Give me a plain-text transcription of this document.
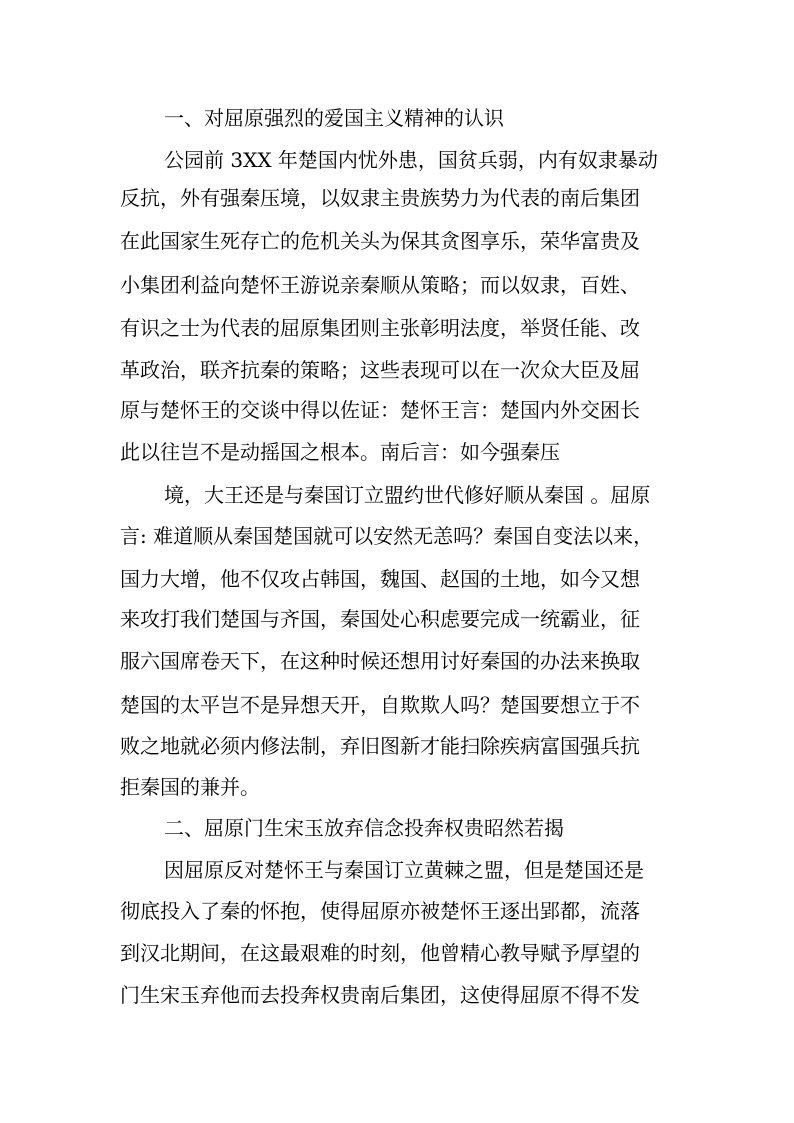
一、对屈原强烈的爱国主义精神的认识

公园前 3XX 年楚国内忧外患，国贫兵弱，内有奴隶暴动

反抗，外有强秦压境，以奴隶主贵族势力为代表的南后集团

在此国家生死存亡的危机关头为保其贪图享乐，荣华富贵及

小集团利益向楚怀王游说亲秦顺从策略；而以奴隶，百姓、

有识之士为代表的屈原集团则主张彰明法度，举贤任能、改

革政治，联齐抗秦的策略；这些表现可以在一次众大臣及屈

原与楚怀王的交谈中得以佐证：楚怀王言：楚国内外交困长

此以往岂不是动摇国之根本。南后言：如今强秦压

境，大王还是与秦国订立盟约世代修好顺从秦国 。屈原

言: 难道顺从秦国楚国就可以安然无恙吗？秦国自变法以来，

国力大增，他不仅攻占韩国，魏国、赵国的土地，如今又想

来攻打我们楚国与齐国，秦国处心积虑要完成一统霸业，征

服六国席卷天下，在这种时候还想用讨好秦国的办法来换取

楚国的太平岂不是异想天开，自欺欺人吗？楚国要想立于不

败之地就必须内修法制，弃旧图新才能扫除疾病富国强兵抗

拒秦国的兼并。

二、屈原门生宋玉放弃信念投奔权贵昭然若揭

因屈原反对楚怀王与秦国订立黄棘之盟，但是楚国还是

彻底投入了秦的怀抱，使得屈原亦被楚怀王逐出郢都，流落

到汉北期间，在这最艰难的时刻，他曾精心教导赋予厚望的

门生宋玉弃他而去投奔权贵南后集团，这使得屈原不得不发
